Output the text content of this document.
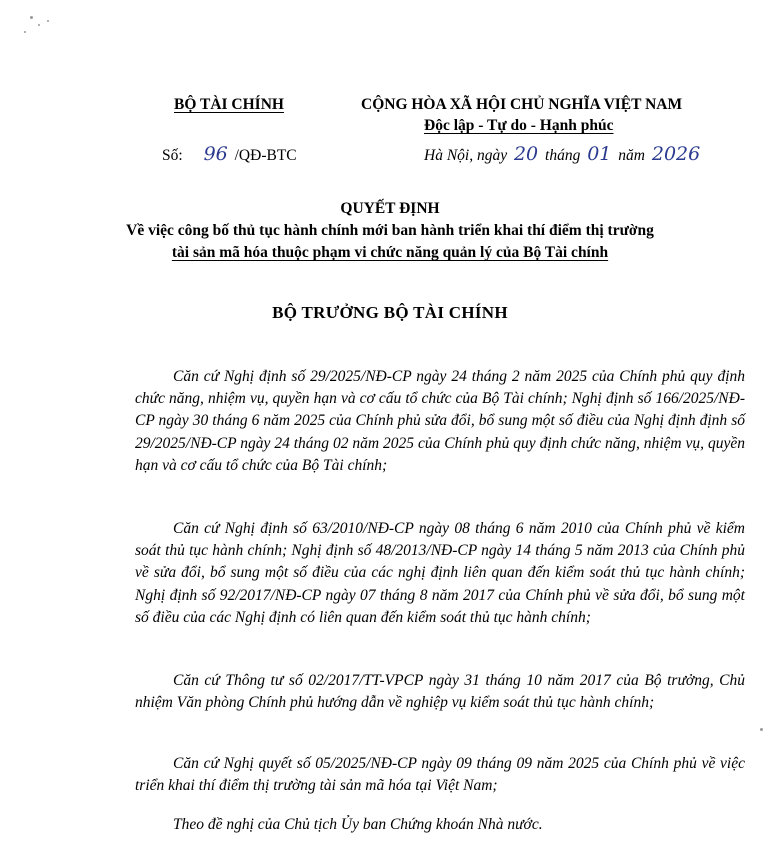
BỘ TÀI CHÍNH	CỘNG HÒA XÃ HỘI CHỦ NGHĨA VIỆT NAM
Độc lập - Tự do - Hạnh phúc
Số: 96 /QĐ-BTC	Hà Nội, ngày 20 tháng 01 năm 2026
QUYẾT ĐỊNH
Về việc công bố thủ tục hành chính mới ban hành triển khai thí điểm thị trường
tài sản mã hóa thuộc phạm vi chức năng quản lý của Bộ Tài chính
BỘ TRƯỞNG BỘ TÀI CHÍNH

Căn cứ Nghị định số 29/2025/NĐ-CP ngày 24 tháng 2 năm 2025 của Chính phủ quy định chức năng, nhiệm vụ, quyền hạn và cơ cấu tổ chức của Bộ Tài chính; Nghị định số 166/2025/NĐ-CP ngày 30 tháng 6 năm 2025 của Chính phủ sửa đổi, bổ sung một số điều của Nghị định định số 29/2025/NĐ-CP ngày 24 tháng 02 năm 2025 của Chính phủ quy định chức năng, nhiệm vụ, quyền hạn và cơ cấu tổ chức của Bộ Tài chính;

Căn cứ Nghị định số 63/2010/NĐ-CP ngày 08 tháng 6 năm 2010 của Chính phủ về kiểm soát thủ tục hành chính; Nghị định số 48/2013/NĐ-CP ngày 14 tháng 5 năm 2013 của Chính phủ về sửa đổi, bổ sung một số điều của các nghị định liên quan đến kiểm soát thủ tục hành chính; Nghị định số 92/2017/NĐ-CP ngày 07 tháng 8 năm 2017 của Chính phủ về sửa đổi, bổ sung một số điều của các Nghị định có liên quan đến kiểm soát thủ tục hành chính;

Căn cứ Thông tư số 02/2017/TT-VPCP ngày 31 tháng 10 năm 2017 của Bộ trưởng, Chủ nhiệm Văn phòng Chính phủ hướng dẫn về nghiệp vụ kiểm soát thủ tục hành chính;

Căn cứ Nghị quyết số 05/2025/NĐ-CP ngày 09 tháng 09 năm 2025 của Chính phủ về việc triển khai thí điểm thị trường tài sản mã hóa tại Việt Nam;

Theo đề nghị của Chủ tịch Ủy ban Chứng khoán Nhà nước.
